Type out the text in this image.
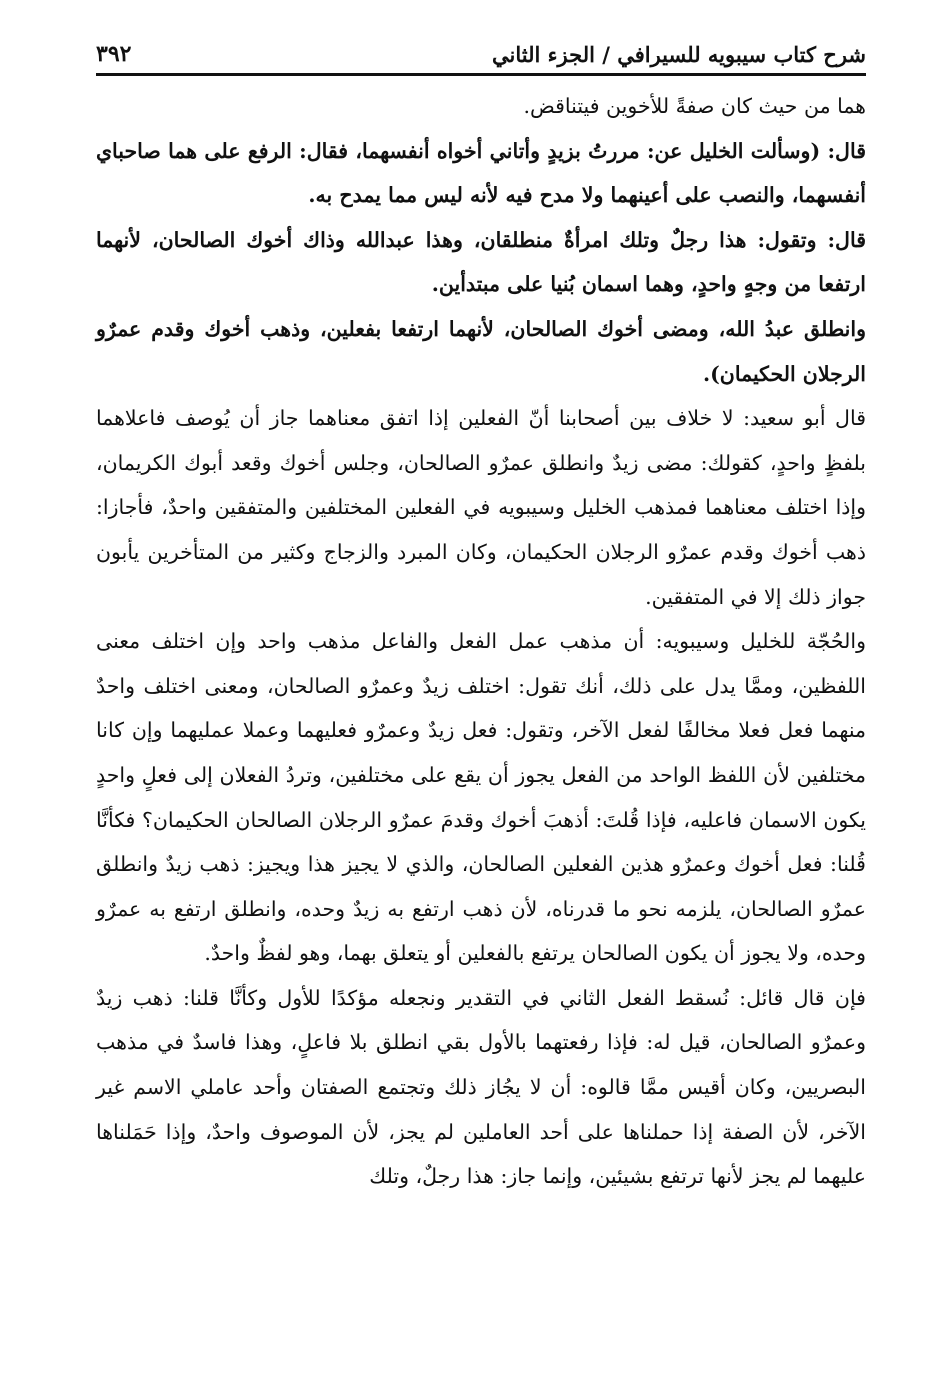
شرح كتاب سيبويه للسيرافي / الجزء الثاني
٣٩٢

هما من حيث كان صفةً للأخوين فيتناقض.

قال: (وسألت الخليل عن: مررتُ بزيدٍ وأتاني أخواه أنفسهما، فقال: الرفع على هما صاحباي أنفسهما، والنصب على أعينهما ولا مدح فيه لأنه ليس مما يمدح به.

قال: وتقول: هذا رجلٌ وتلك امرأةٌ منطلقان، وهذا عبدالله وذاك أخوك الصالحان، لأنهما ارتفعا من وجهٍ واحدٍ، وهما اسمان بُنيا على مبتدأين.

وانطلق عبدُ الله، ومضى أخوك الصالحان، لأنهما ارتفعا بفعلين، وذهب أخوك وقدم عمرٌو الرجلان الحكيمان).

قال أبو سعيد: لا خلاف بين أصحابنا أنّ الفعلين إذا اتفق معناهما جاز أن يُوصف فاعلاهما بلفظٍ واحدٍ، كقولك: مضى زيدٌ وانطلق عمرٌو الصالحان، وجلس أخوك وقعد أبوك الكريمان، وإذا اختلف معناهما فمذهب الخليل وسيبويه في الفعلين المختلفين والمتفقين واحدٌ، فأجازا: ذهب أخوك وقدم عمرٌو الرجلان الحكيمان، وكان المبرد والزجاج وكثير من المتأخرين يأبون جواز ذلك إلا في المتفقين.

والحُجّة للخليل وسيبويه: أن مذهب عمل الفعل والفاعل مذهب واحد وإن اختلف معنى اللفظين، وممَّا يدل على ذلك، أنك تقول: اختلف زيدٌ وعمرٌو الصالحان، ومعنى اختلف واحدٌ منهما فعل فعلا مخالفًا لفعل الآخر، وتقول: فعل زيدٌ وعمرٌو فعليهما وعملا عمليهما وإن كانا مختلفين لأن اللفظ الواحد من الفعل يجوز أن يقع على مختلفين، وتردُ الفعلان إلى فعلٍ واحدٍ يكون الاسمان فاعليه، فإذا قُلتَ: أذهبَ أخوك وقدمَ عمرٌو الرجلان الصالحان الحكيمان؟ فكأنَّا قُلنا: فعل أخوك وعمرٌو هذين الفعلين الصالحان، والذي لا يجيز هذا ويجيز: ذهب زيدٌ وانطلق عمرٌو الصالحان، يلزمه نحو ما قدرناه، لأن ذهب ارتفع به زيدٌ وحده، وانطلق ارتفع به عمرٌو وحده، ولا يجوز أن يكون الصالحان يرتفع بالفعلين أو يتعلق بهما، وهو لفظٌ واحدٌ.

فإن قال قائل: نُسقط الفعل الثاني في التقدير ونجعله مؤكدًا للأول وكأنَّا قلنا: ذهب زيدٌ وعمرٌو الصالحان، قيل له: فإذا رفعتهما بالأول بقي انطلق بلا فاعلٍ، وهذا فاسدٌ في مذهب البصريين، وكان أقيس ممَّا قالوه: أن لا يجُاز ذلك وتجتمع الصفتان وأحد عاملي الاسم غير الآخر، لأن الصفة إذا حملناها على أحد العاملين لم يجز، لأن الموصوف واحدٌ، وإذا حَمَلناها عليهما لم يجز لأنها ترتفع بشيئين، وإنما جاز: هذا رجلٌ، وتلك
